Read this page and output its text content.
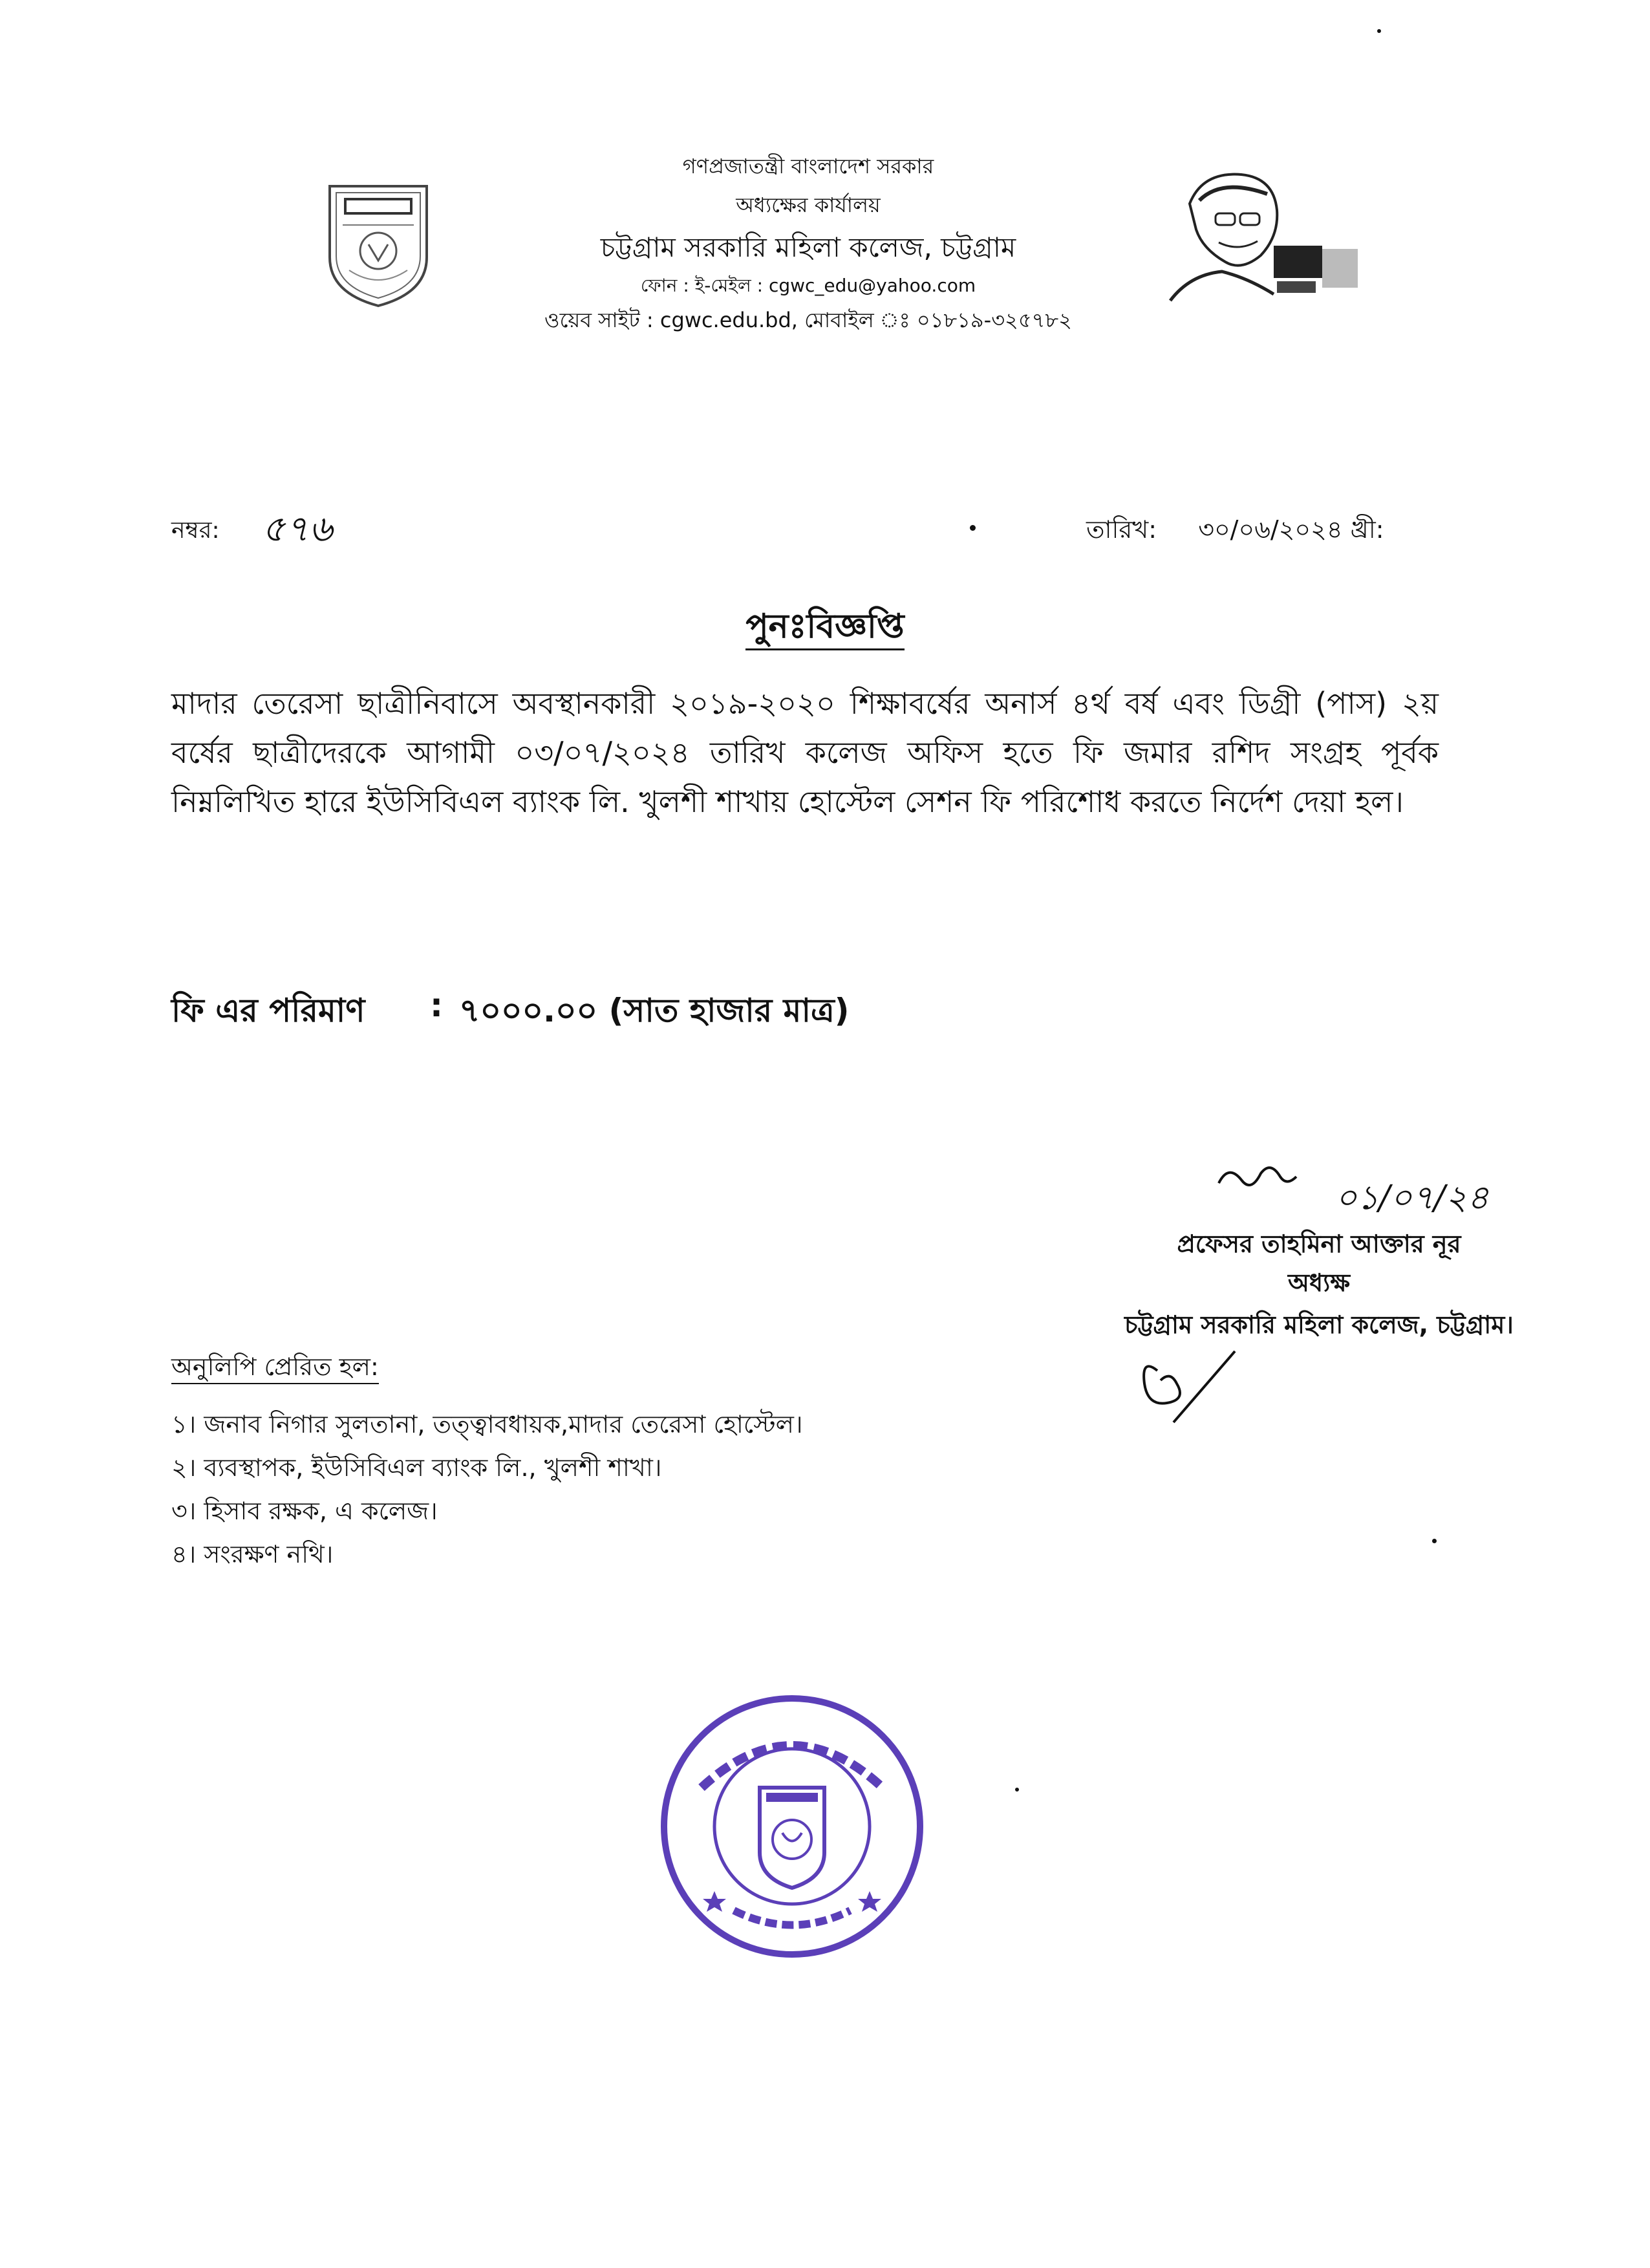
গণপ্রজাতন্ত্রী বাংলাদেশ সরকার
অধ্যক্ষের কার্যালয়
চট্টগ্রাম সরকারি মহিলা কলেজ, চট্টগ্রাম
ফোন : ই-মেইল : cgwc_edu@yahoo.com
ওয়েব সাইট : cgwc.edu.bd, মোবাইল ঃ ০১৮১৯-৩২৫৭৮২
নম্বর: ৫৭৬	তারিখ: ৩০/০৬/২০২৪ খ্রী:
পুনঃবিজ্ঞপ্তি
মাদার তেরেসা ছাত্রীনিবাসে অবস্থানকারী ২০১৯-২০২০ শিক্ষাবর্ষের অনার্স ৪র্থ বর্ষ এবং ডিগ্রী (পাস) ২য় বর্ষের ছাত্রীদেরকে আগামী ০৩/০৭/২০২৪ তারিখ কলেজ অফিস হতে ফি জমার রশিদ সংগ্রহ পূর্বক নিম্নলিখিত হারে ইউসিবিএল ব্যাংক লি. খুলশী শাখায় হোস্টেল সেশন ফি পরিশোধ করতে নির্দেশ দেয়া হল।
ফি এর পরিমাণ : ৭০০০.০০ (সাত হাজার মাত্র)
০১/০৭/২৪
প্রফেসর তাহমিনা আক্তার নূর
অধ্যক্ষ
চট্টগ্রাম সরকারি মহিলা কলেজ, চট্টগ্রাম।
অনুলিপি প্রেরিত হল:
১। জনাব নিগার সুলতানা, তত্ত্বাবধায়ক,মাদার তেরেসা হোস্টেল।
২। ব্যবস্থাপক, ইউসিবিএল ব্যাংক লি., খুলশী শাখা।
৩। হিসাব রক্ষক, এ কলেজ।
৪। সংরক্ষণ নথি।
